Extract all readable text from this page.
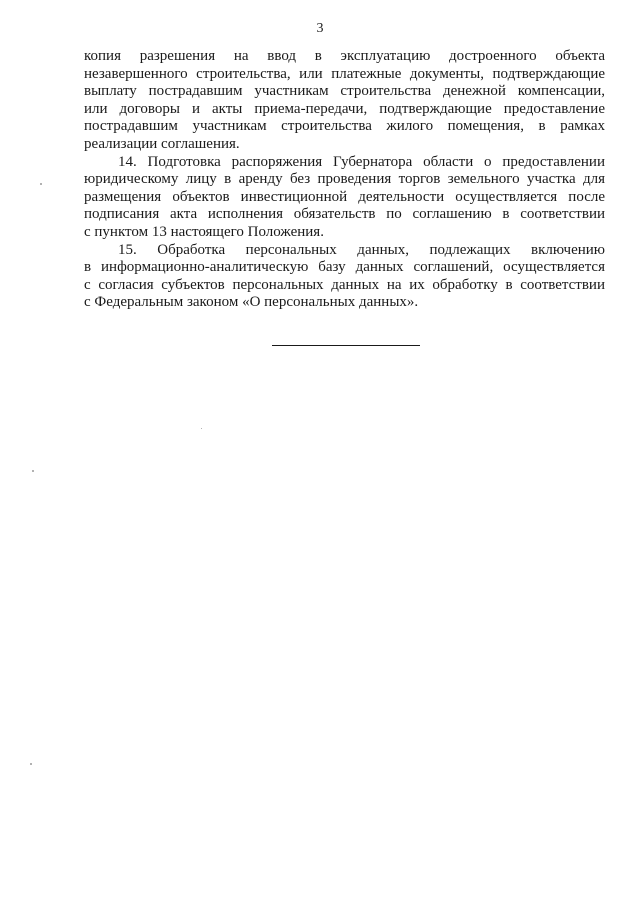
3

копия разрешения на ввод в эксплуатацию достроенного объекта
незавершенного строительства, или платежные документы, подтверждающие
выплату пострадавшим участникам строительства денежной компенсации,
или договоры и акты приема-передачи, подтверждающие предоставление
пострадавшим участникам строительства жилого помещения, в рамках
реализации соглашения.

14. Подготовка распоряжения Губернатора области о предоставлении
юридическому лицу в аренду без проведения торгов земельного участка для
размещения объектов инвестиционной деятельности осуществляется после
подписания акта исполнения обязательств по соглашению в соответствии
с пунктом 13 настоящего Положения.

15. Обработка персональных данных, подлежащих включению
в информационно-аналитическую базу данных соглашений, осуществляется
с согласия субъектов персональных данных на их обработку в соответствии
с Федеральным законом «О персональных данных».
